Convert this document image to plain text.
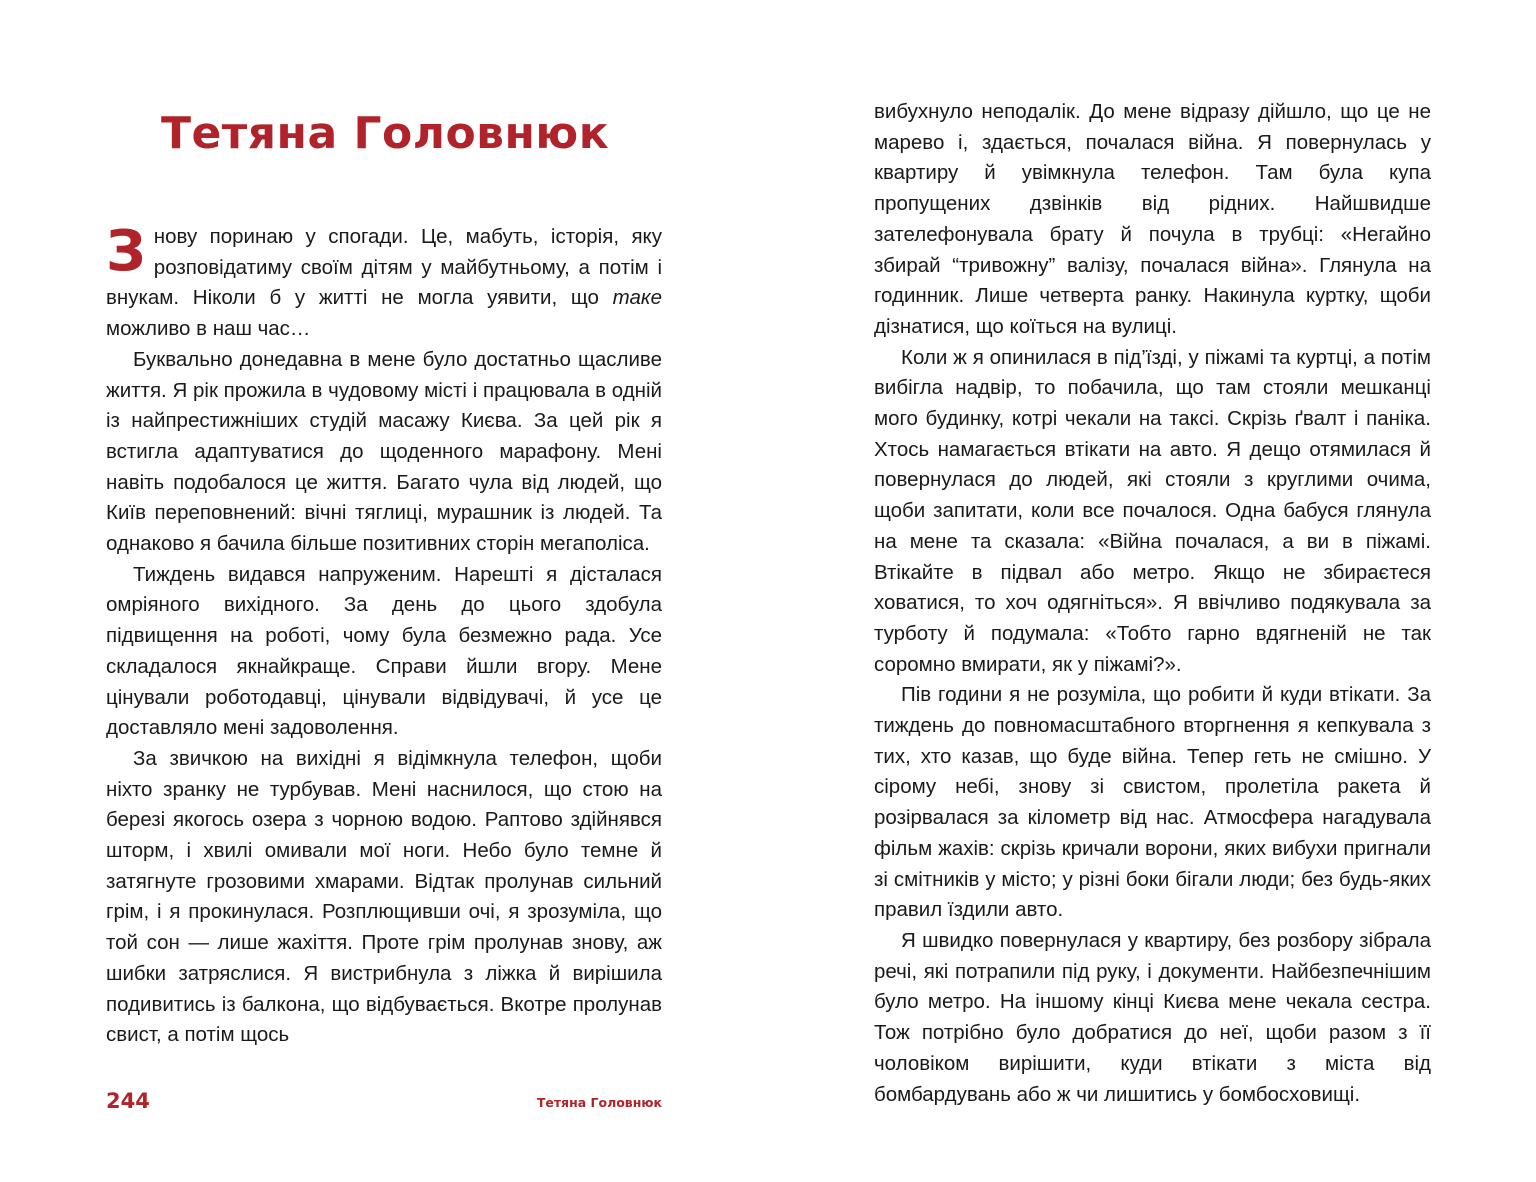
Тетяна Головнюк

Знову поринаю у спогади. Це, мабуть, історія, яку розповідатиму своїм дітям у майбутньому, а потім і внукам. Ніколи б у житті не могла уявити, що таке можливо в наш час…

Буквально донедавна в мене було достатньо щасливе життя. Я рік прожила в чудовому місті і працювала в одній із найпрестижніших студій масажу Києва. За цей рік я встигла адаптуватися до щоденного марафону. Мені навіть подобалося це життя. Багато чула від людей, що Київ переповнений: вічні тяглиці, мурашник із людей. Та однаково я бачила більше позитивних сторін мегаполіса.

Тиждень видався напруженим. Нарешті я дісталася омріяного вихідного. За день до цього здобула підвищення на роботі, чому була безмежно рада. Усе складалося якнайкраще. Справи йшли вгору. Мене цінували роботодавці, цінували відвідувачі, й усе це доставляло мені задоволення.

За звичкою на вихідні я відімкнула телефон, щоби ніхто зранку не турбував. Мені наснилося, що стою на березі якогось озера з чорною водою. Раптово здійнявся шторм, і хвилі омивали мої ноги. Небо було темне й затягнуте грозовими хмарами. Відтак пролунав сильний грім, і я прокинулася. Розплющивши очі, я зрозуміла, що той сон — лише жахіття. Проте грім пролунав знову, аж шибки затряслися. Я вистрибнула з ліжка й вирішила подивитись із балкона, що відбувається. Вкотре пролунав свист, а потім щось

244	Тетяна Головнюк

вибухнуло неподалік. До мене відразу дійшло, що це не марево і, здається, почалася війна. Я повернулась у квартиру й увімкнула телефон. Там була купа пропущених дзвінків від рідних. Найшвидше зателефонувала брату й почула в трубці: «Негайно збирай “тривожну” валізу, почалася війна». Глянула на годинник. Лише четверта ранку. Накинула куртку, щоби дізнатися, що коїться на вулиці.

Коли ж я опинилася в під’їзді, у піжамі та куртці, а потім вибігла надвір, то побачила, що там стояли мешканці мого будинку, котрі чекали на таксі. Скрізь ґвалт і паніка. Хтось намагається втікати на авто. Я дещо отямилася й повернулася до людей, які стояли з круглими очима, щоби запитати, коли все почалося. Одна бабуся глянула на мене та сказала: «Війна почалася, а ви в піжамі. Втікайте в підвал або метро. Якщо не збираєтеся ховатися, то хоч одягніться». Я ввічливо подякувала за турботу й подумала: «Тобто гарно вдягненій не так соромно вмирати, як у піжамі?».

Пів години я не розуміла, що робити й куди втікати. За тиждень до повномасштабного вторгнення я кепкувала з тих, хто казав, що буде війна. Тепер геть не смішно. У сірому небі, знову зі свистом, пролетіла ракета й розірвалася за кілометр від нас. Атмосфера нагадувала фільм жахів: скрізь кричали ворони, яких вибухи пригнали зі смітників у місто; у різні боки бігали люди; без будь-яких правил їздили авто.

Я швидко повернулася у квартиру, без розбору зібрала речі, які потрапили під руку, і документи. Найбезпечнішим було метро. На іншому кінці Києва мене чекала сестра. Тож потрібно було добратися до неї, щоби разом з її чоловіком вирішити, куди втікати з міста від бомбардувань або ж чи лишитись у бомбосховищі.
